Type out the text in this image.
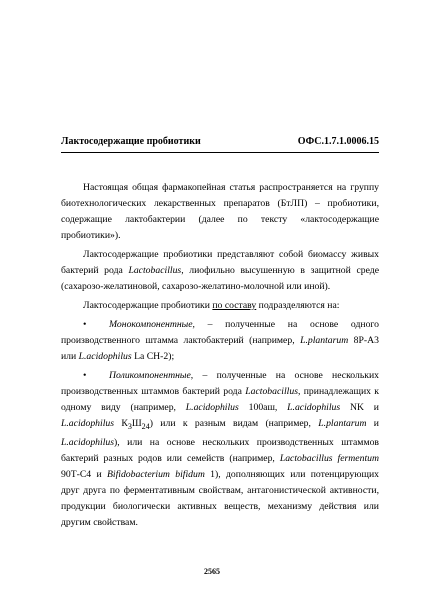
Лактосодержащие пробиотики	ОФС.1.7.1.0006.15

Настоящая общая фармакопейная статья распространяется на группу биотехнологических лекарственных препаратов (БтЛП) – пробиотики, содержащие лактобактерии (далее по тексту «лактосодержащие пробиотики»).

Лактосодержащие пробиотики представляют собой биомассу живых бактерий рода Lactobacillus, лиофильно высушенную в защитной среде (сахарозо-желатиновой, сахарозо-желатино-молочной или иной).

Лактосодержащие пробиотики по составу подразделяются на:

• Монокомпонентные, – полученные на основе одного производственного штамма лактобактерий (например, L.plantarum 8Р-А3 или L.acidophilus La CH-2);

• Поликомпонентные, – полученные на основе нескольких производственных штаммов бактерий рода Lactobacillus, принадлежащих к одному виду (например, L.acidophilus 100аш, L.acidophilus NK и L.acidophilus $К_3Ш_{24}$) или к разным видам (например, L.plantarum и L.acidophilus), или на основе нескольких производственных штаммов бактерий разных родов или семейств (например, Lactobacillus fermentum 90Т-С4 и Bifidobacterium bifidum 1), дополняющих или потенцирующих друг друга по ферментативным свойствам, антагонистической активности, продукции биологически активных веществ, механизму действия или другим свойствам.

2565
